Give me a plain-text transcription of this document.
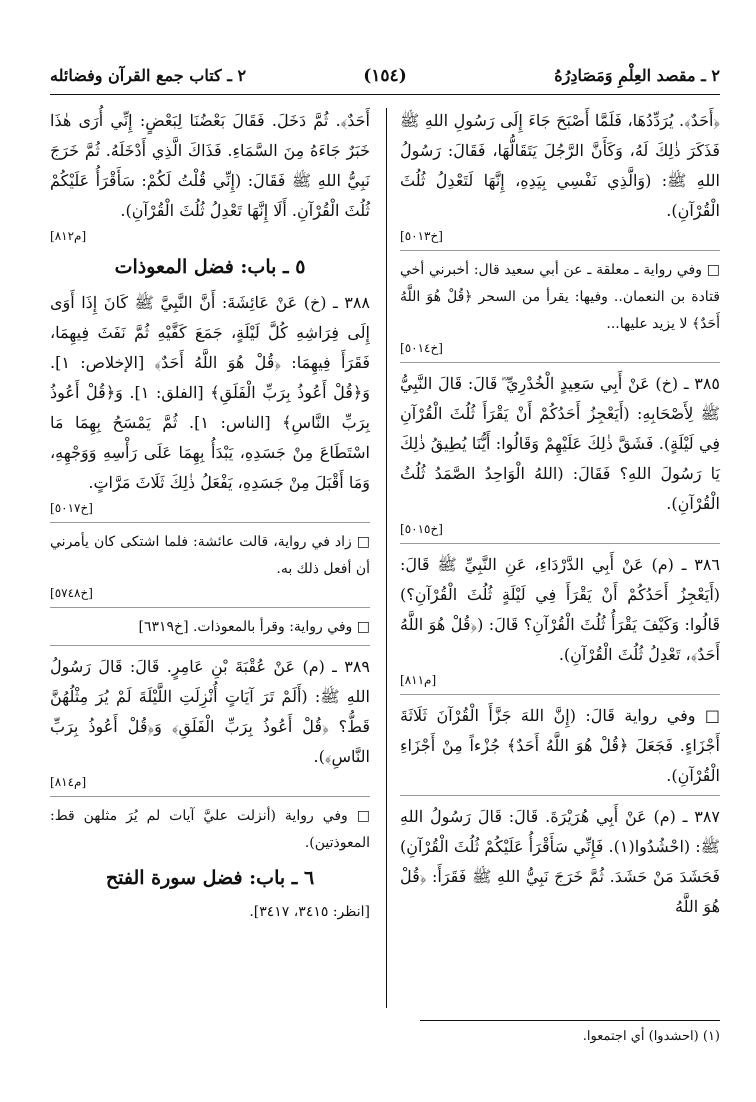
٢ ـ مقصد العِلْمِ وَمَصَادِرُهُ
(١٥٤)
٢ ـ كتاب جمع القرآن وفضائله

﴿أَحَدٌ﴾. يُرَدِّدُهَا، فَلَمَّا أَصْبَحَ جَاءَ إِلَى رَسُولِ اللهِ ﷺ فَذَكَرَ ذٰلِكَ لَهُ، وَكَأَنَّ الرَّجُلَ يَتَقَالُّهَا، فَقَالَ: رَسُولُ اللهِ ﷺ: (وَالَّذِي نَفْسِي بِيَدِهِ، إِنَّهَا لَتَعْدِلُ ثُلُثَ الْقُرْآنِ).

[خ٥٠١٣]

□ وفي رواية ـ معلقة ـ عن أبي سعيد قال: أخبرني أخي قتادة بن النعمان.. وفيها: يقرأ من السحر ﴿قُلْ هُوَ اللَّهُ أَحَدٌ﴾ لا يزيد عليها...

[خ٥٠١٤]

٣٨٥ ـ (خ) عَنْ أَبِي سَعِيدٍ الْخُدْرِيِّ ؓ قَالَ: قَالَ النَّبِيُّ ﷺ لِأَصْحَابِهِ: (أَيَعْجِزُ أَحَدُكُمْ أَنْ يَقْرَأَ ثُلُثَ الْقُرْآنِ فِي لَيْلَةٍ). فَشَقَّ ذٰلِكَ عَلَيْهِمْ وَقَالُوا: أَيُّنَا يُطِيقُ ذٰلِكَ يَا رَسُولَ اللهِ؟ فَقَالَ: (اللهُ الْوَاحِدُ الصَّمَدُ ثُلُثُ الْقُرْآنِ).

[خ٥٠١٥]

٣٨٦ ـ (م) عَنْ أَبِي الدَّرْدَاءِ، عَنِ النَّبِيِّ ﷺ قَالَ: (أَيَعْجِزُ أَحَدُكُمْ أَنْ يَقْرَأَ فِي لَيْلَةٍ ثُلُثَ الْقُرْآنِ؟) قَالُوا: وَكَيْفَ يَقْرَأُ ثُلُثَ الْقُرْآنِ؟ قَالَ: (﴿قُلْ هُوَ اللَّهُ أَحَدٌ﴾، تَعْدِلُ ثُلُثَ الْقُرْآنِ).

[م٨١١]

□ وفي رواية قَالَ: (إِنَّ اللهَ جَزَّأَ الْقُرْآنَ ثَلَاثَةَ أَجْزَاءٍ. فَجَعَلَ ﴿قُلْ هُوَ اللَّهُ أَحَدٌ﴾ جُزْءاً مِنْ أَجْزَاءِ الْقُرْآنِ).

٣٨٧ ـ (م) عَنْ أَبِي هُرَيْرَةَ. قَالَ: قَالَ رَسُولُ اللهِ ﷺ: (احْشُدُوا(١). فَإِنِّي سَأَقْرَأُ عَلَيْكُمْ ثُلُثَ الْقُرْآنِ) فَحَشَدَ مَنْ حَشَدَ. ثُمَّ خَرَجَ نَبِيُّ اللهِ ﷺ فَقَرَأَ: ﴿قُلْ هُوَ اللَّهُ

أَحَدٌ﴾. ثُمَّ دَخَلَ. فَقَالَ بَعْضُنَا لِبَعْضٍ: إِنِّي أُرَى هٰذَا خَبَرٌ جَاءَهُ مِنَ السَّمَاءِ. فَذَاكَ الَّذِي أَدْخَلَهُ. ثُمَّ خَرَجَ نَبِيُّ اللهِ ﷺ فَقَالَ: (إِنِّي قُلْتُ لَكُمْ: سَأَقْرَأُ عَلَيْكُمْ ثُلُثَ الْقُرْآنِ. أَلَا إِنَّهَا تَعْدِلُ ثُلُثَ الْقُرْآنِ).

[م٨١٢]
٥ ـ باب: فضل المعوذات

٣٨٨ ـ (خ) عَنْ عَائِشَةَ: أَنَّ النَّبِيَّ ﷺ كَانَ إِذَا أَوَى إِلَى فِرَاشِهِ كُلَّ لَيْلَةٍ، جَمَعَ كَفَّيْهِ ثُمَّ نَفَثَ فِيهِمَا، فَقَرَأَ فِيهِمَا: ﴿قُلْ هُوَ اللَّهُ أَحَدٌ﴾ [الإخلاص: ١]. وَ﴿قُلْ أَعُوذُ بِرَبِّ الْفَلَقِ﴾ [الفلق: ١]. وَ﴿قُلْ أَعُوذُ بِرَبِّ النَّاسِ﴾ [الناس: ١]. ثُمَّ يَمْسَحُ بِهِمَا مَا اسْتَطَاعَ مِنْ جَسَدِهِ، يَبْدَأُ بِهِمَا عَلَى رَأْسِهِ وَوَجْهِهِ، وَمَا أَقْبَلَ مِنْ جَسَدِهِ، يَفْعَلُ ذٰلِكَ ثَلَاثَ مَرَّاتٍ.

[خ٥٠١٧]

□ زاد في رواية، قالت عائشة: فلما اشتكى كان يأمرني أن أفعل ذلك به.

[خ٥٧٤٨]

□ وفي رواية: وقرأ بالمعوذات. [خ٦٣١٩]

٣٨٩ ـ (م) عَنْ عُقْبَةَ بْنِ عَامِرٍ. قَالَ: قَالَ رَسُولُ اللهِ ﷺ: (أَلَمْ تَرَ آيَاتٍ أُنْزِلَتِ اللَّيْلَةَ لَمْ يُرَ مِثْلُهُنَّ قَطُّ؟ ﴿قُلْ أَعُوذُ بِرَبِّ الْفَلَقِ﴾ وَ﴿قُلْ أَعُوذُ بِرَبِّ النَّاسِ﴾).

[م٨١٤]

□ وفي رواية (أنزلت عليَّ آيات لم يُرَ مثلهن قط: المعوذتين).

٦ ـ باب: فضل سورة الفتح

[انظر: ٣٤١٥، ٣٤١٧].

(١) (احشدوا) أي اجتمعوا.
